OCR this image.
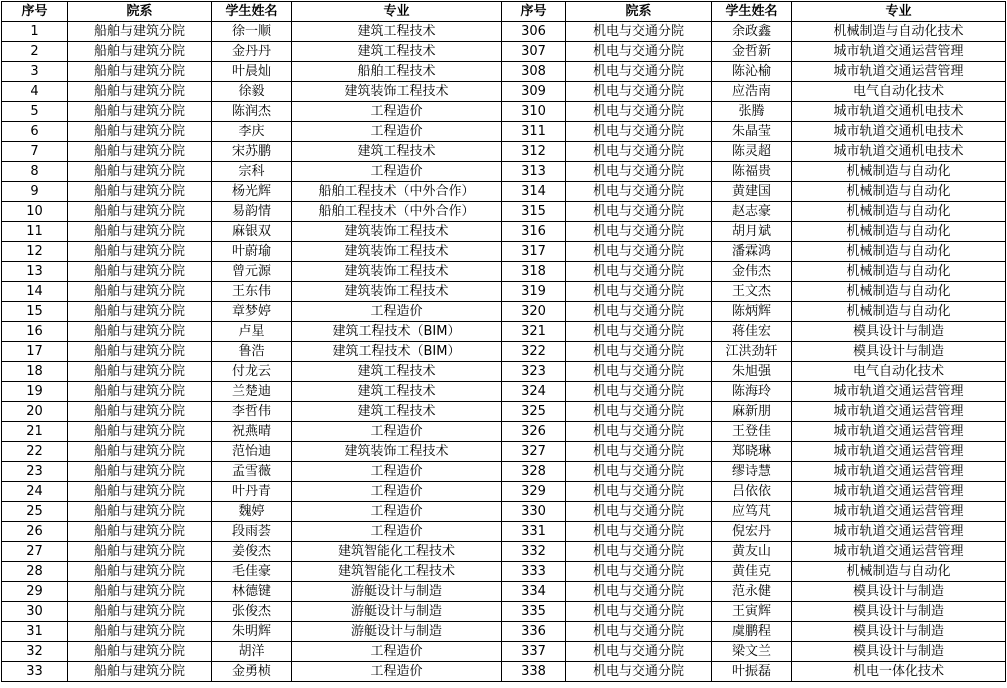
序号	院系	学生姓名	专业	序号	院系	学生姓名	专业
1	船舶与建筑分院	徐一顺	建筑工程技术	306	机电与交通分院	余政鑫	机械制造与自动化技术
2	船舶与建筑分院	金丹丹	建筑工程技术	307	机电与交通分院	金哲新	城市轨道交通运营管理
3	船舶与建筑分院	叶晨灿	船舶工程技术	308	机电与交通分院	陈沁榆	城市轨道交通运营管理
4	船舶与建筑分院	徐毅	建筑装饰工程技术	309	机电与交通分院	应浩南	电气自动化技术
5	船舶与建筑分院	陈润杰	工程造价	310	机电与交通分院	张腾	城市轨道交通机电技术
6	船舶与建筑分院	李庆	工程造价	311	机电与交通分院	朱晶莹	城市轨道交通机电技术
7	船舶与建筑分院	宋苏鹏	建筑工程技术	312	机电与交通分院	陈灵超	城市轨道交通机电技术
8	船舶与建筑分院	宗科	工程造价	313	机电与交通分院	陈福贵	机械制造与自动化
9	船舶与建筑分院	杨光辉	船舶工程技术（中外合作）	314	机电与交通分院	黄建国	机械制造与自动化
10	船舶与建筑分院	易韵情	船舶工程技术（中外合作）	315	机电与交通分院	赵志豪	机械制造与自动化
11	船舶与建筑分院	麻银双	建筑装饰工程技术	316	机电与交通分院	胡月斌	机械制造与自动化
12	船舶与建筑分院	叶蔚瑜	建筑装饰工程技术	317	机电与交通分院	潘霖鸿	机械制造与自动化
13	船舶与建筑分院	曾元源	建筑装饰工程技术	318	机电与交通分院	金伟杰	机械制造与自动化
14	船舶与建筑分院	王东伟	建筑装饰工程技术	319	机电与交通分院	王文杰	机械制造与自动化
15	船舶与建筑分院	章梦婷	工程造价	320	机电与交通分院	陈炳辉	机械制造与自动化
16	船舶与建筑分院	卢星	建筑工程技术（BIM）	321	机电与交通分院	蒋佳宏	模具设计与制造
17	船舶与建筑分院	鲁浩	建筑工程技术（BIM）	322	机电与交通分院	江洪劲轩	模具设计与制造
18	船舶与建筑分院	付龙云	建筑工程技术	323	机电与交通分院	朱旭强	电气自动化技术
19	船舶与建筑分院	兰楚迪	建筑工程技术	324	机电与交通分院	陈海玲	城市轨道交通运营管理
20	船舶与建筑分院	李哲伟	建筑工程技术	325	机电与交通分院	麻新朋	城市轨道交通运营管理
21	船舶与建筑分院	祝燕晴	工程造价	326	机电与交通分院	王登佳	城市轨道交通运营管理
22	船舶与建筑分院	范怡迪	建筑装饰工程技术	327	机电与交通分院	郑晓琳	城市轨道交通运营管理
23	船舶与建筑分院	孟雪薇	工程造价	328	机电与交通分院	缪诗慧	城市轨道交通运营管理
24	船舶与建筑分院	叶丹青	工程造价	329	机电与交通分院	吕依依	城市轨道交通运营管理
25	船舶与建筑分院	魏婷	工程造价	330	机电与交通分院	应笃芃	城市轨道交通运营管理
26	船舶与建筑分院	段雨荟	工程造价	331	机电与交通分院	倪宏丹	城市轨道交通运营管理
27	船舶与建筑分院	姜俊杰	建筑智能化工程技术	332	机电与交通分院	黄友山	城市轨道交通运营管理
28	船舶与建筑分院	毛佳豪	建筑智能化工程技术	333	机电与交通分院	黄佳克	机械制造与自动化
29	船舶与建筑分院	林德键	游艇设计与制造	334	机电与交通分院	范永健	模具设计与制造
30	船舶与建筑分院	张俊杰	游艇设计与制造	335	机电与交通分院	王寅辉	模具设计与制造
31	船舶与建筑分院	朱明辉	游艇设计与制造	336	机电与交通分院	虞鹏程	模具设计与制造
32	船舶与建筑分院	胡洋	工程造价	337	机电与交通分院	梁文兰	模具设计与制造
33	船舶与建筑分院	金勇桢	工程造价	338	机电与交通分院	叶振磊	机电一体化技术
